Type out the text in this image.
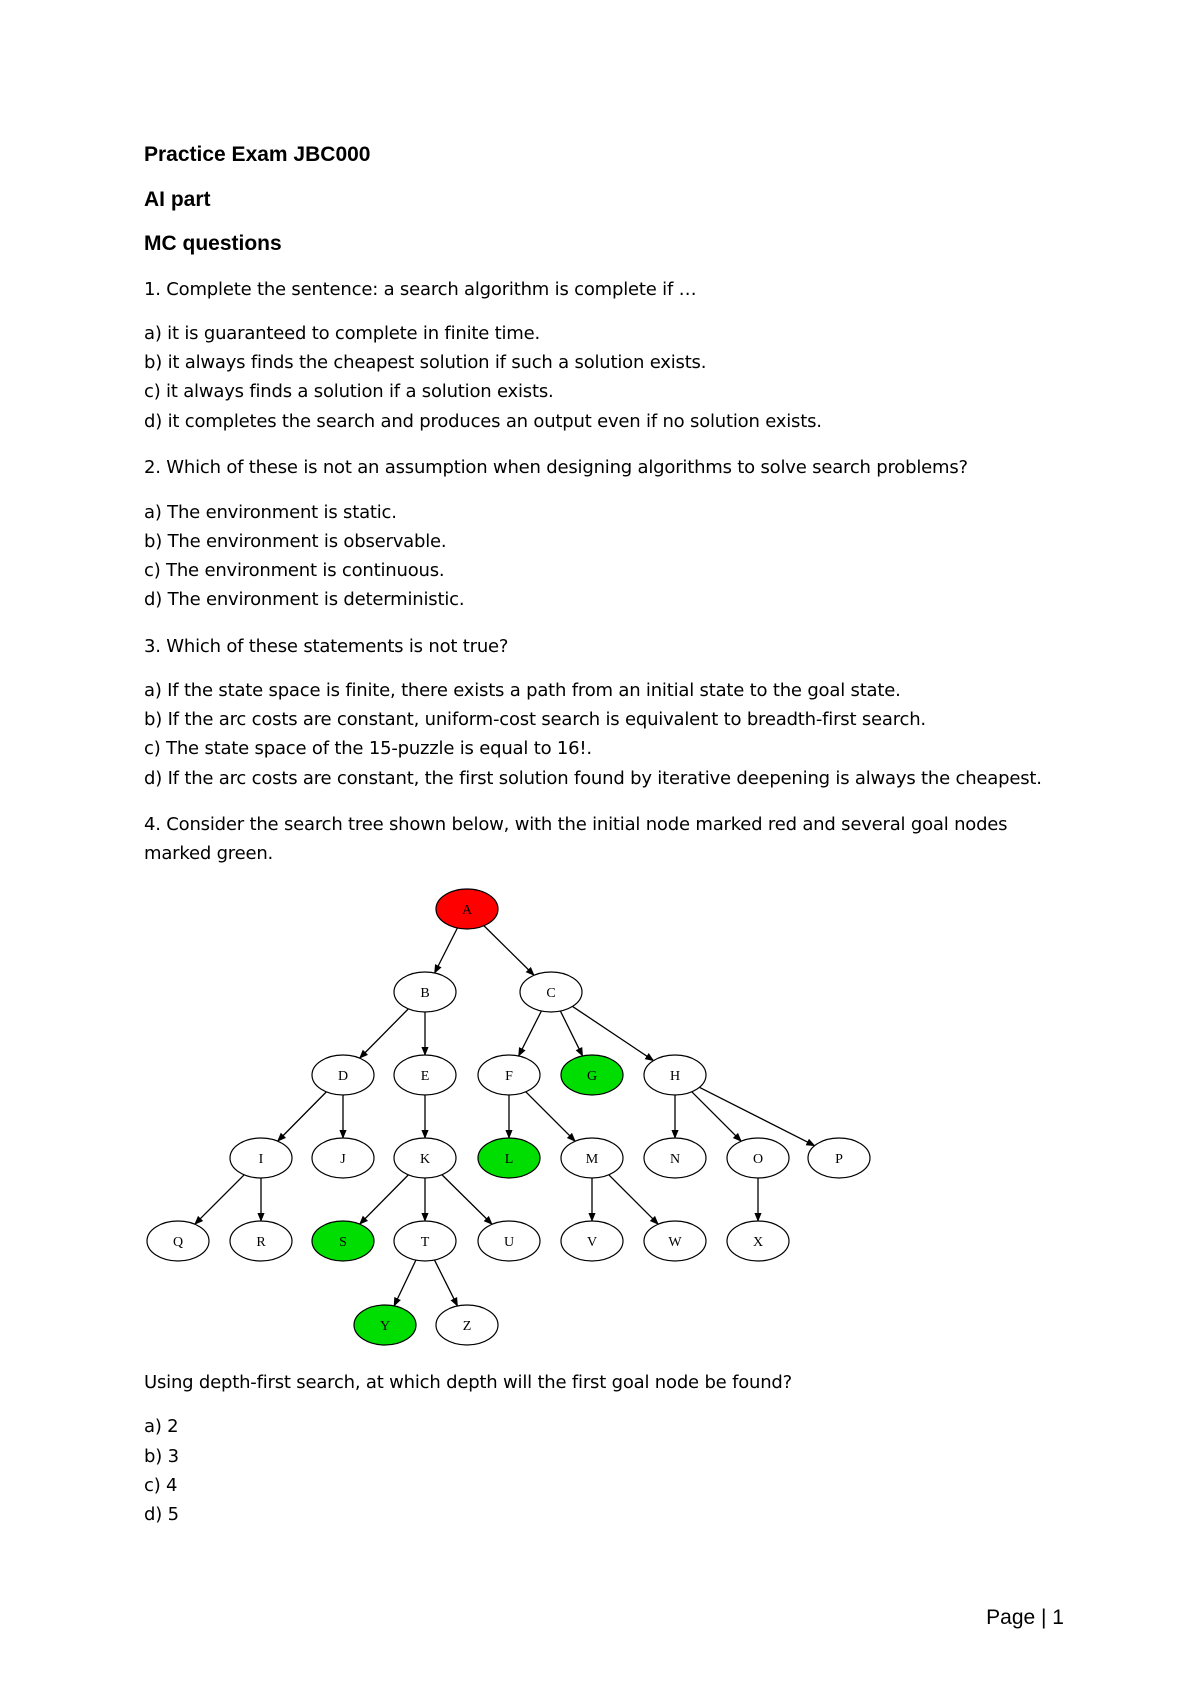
Practice Exam JBC000

AI part

MC questions

1. Complete the sentence: a search algorithm is complete if …

a) it is guaranteed to complete in finite time.

b) it always finds the cheapest solution if such a solution exists.

c) it always finds a solution if a solution exists.

d) it completes the search and produces an output even if no solution exists.

2. Which of these is not an assumption when designing algorithms to solve search problems?

a) The environment is static.

b) The environment is observable.

c) The environment is continuous.

d) The environment is deterministic.

3. Which of these statements is not true?

a) If the state space is finite, there exists a path from an initial state to the goal state.

b) If the arc costs are constant, uniform-cost search is equivalent to breadth-first search.

c) The state space of the 15-puzzle is equal to 16!.

d) If the arc costs are constant, the first solution found by iterative deepening is always the cheapest.

4. Consider the search tree shown below, with the initial node marked red and several goal nodes

marked green.

A
B	C
D	E	F	G	H
I	J	K	L	M	N	O	P
Q	R	S	T	U	V	W	X
Y	Z

Using depth-first search, at which depth will the first goal node be found?

a) 2

b) 3

c) 4

d) 5

Page | 1
